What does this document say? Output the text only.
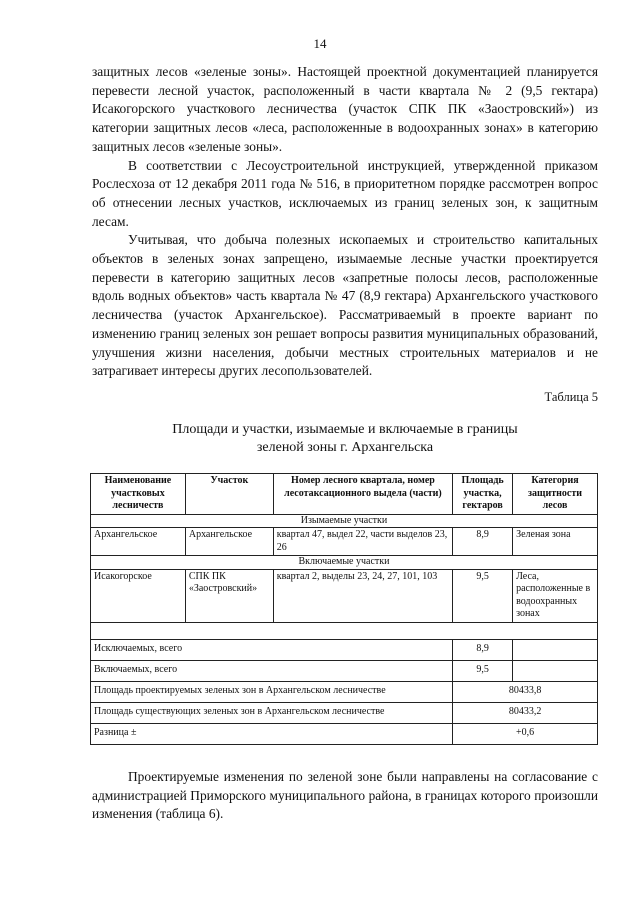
14

защитных лесов «зеленые зоны». Настоящей проектной документацией планируется перевести лесной участок, расположенный в части квартала № 2 (9,5 гектара) Исакогорского участкового лесничества (участок СПК ПК «Заостровский») из категории защитных лесов «леса, расположенные в водоохранных зонах» в категорию защитных лесов «зеленые зоны».

В соответствии с Лесоустроительной инструкцией, утвержденной приказом Рослесхоза от 12 декабря 2011 года № 516, в приоритетном порядке рассмотрен вопрос об отнесении лесных участков, исключаемых из границ зеленых зон, к защитным лесам.

Учитывая, что добыча полезных ископаемых и строительство капитальных объектов в зеленых зонах запрещено, изымаемые лесные участки проектируется перевести в категорию защитных лесов «запретные полосы лесов, расположенные вдоль водных объектов» часть квартала № 47 (8,9 гектара) Архангельского участкового лесничества (участок Архангельское). Рассматриваемый в проекте вариант по изменению границ зеленых зон решает вопросы развития муниципальных образований, улучшения жизни населения, добычи местных строительных материалов и не затрагивает интересы других лесопользователей.

Таблица 5
Площади и участки, изымаемые и включаемые в границы
зеленой зоны г. Архангельска
Наименование участковых лесничеств	Участок	Номер лесного квартала, номер лесотаксационного выдела (части)	Площадь участка, гектаров	Категория защитности лесов
Изымаемые участки				
Архангельское	Архангельское	квартал 47, выдел 22, части выделов 23, 26	8,9	Зеленая зона
Включаемые участки				
Исакогорское	СПК ПК «Заостровский»	квартал 2, выделы 23, 24, 27, 101, 103	9,5	Леса, расположенные в водоохранных зонах

Исключаемых, всего			8,9	
Включаемых, всего			9,5	
Площадь проектируемых зеленых зон в Архангельском лесничестве			80433,8	
Площадь существующих зеленых зон в Архангельском лесничестве			80433,2	
Разница ±			+0,6	

Проектируемые изменения по зеленой зоне были направлены на согласование с администрацией Приморского муниципального района, в границах которого произошли изменения (таблица 6).
